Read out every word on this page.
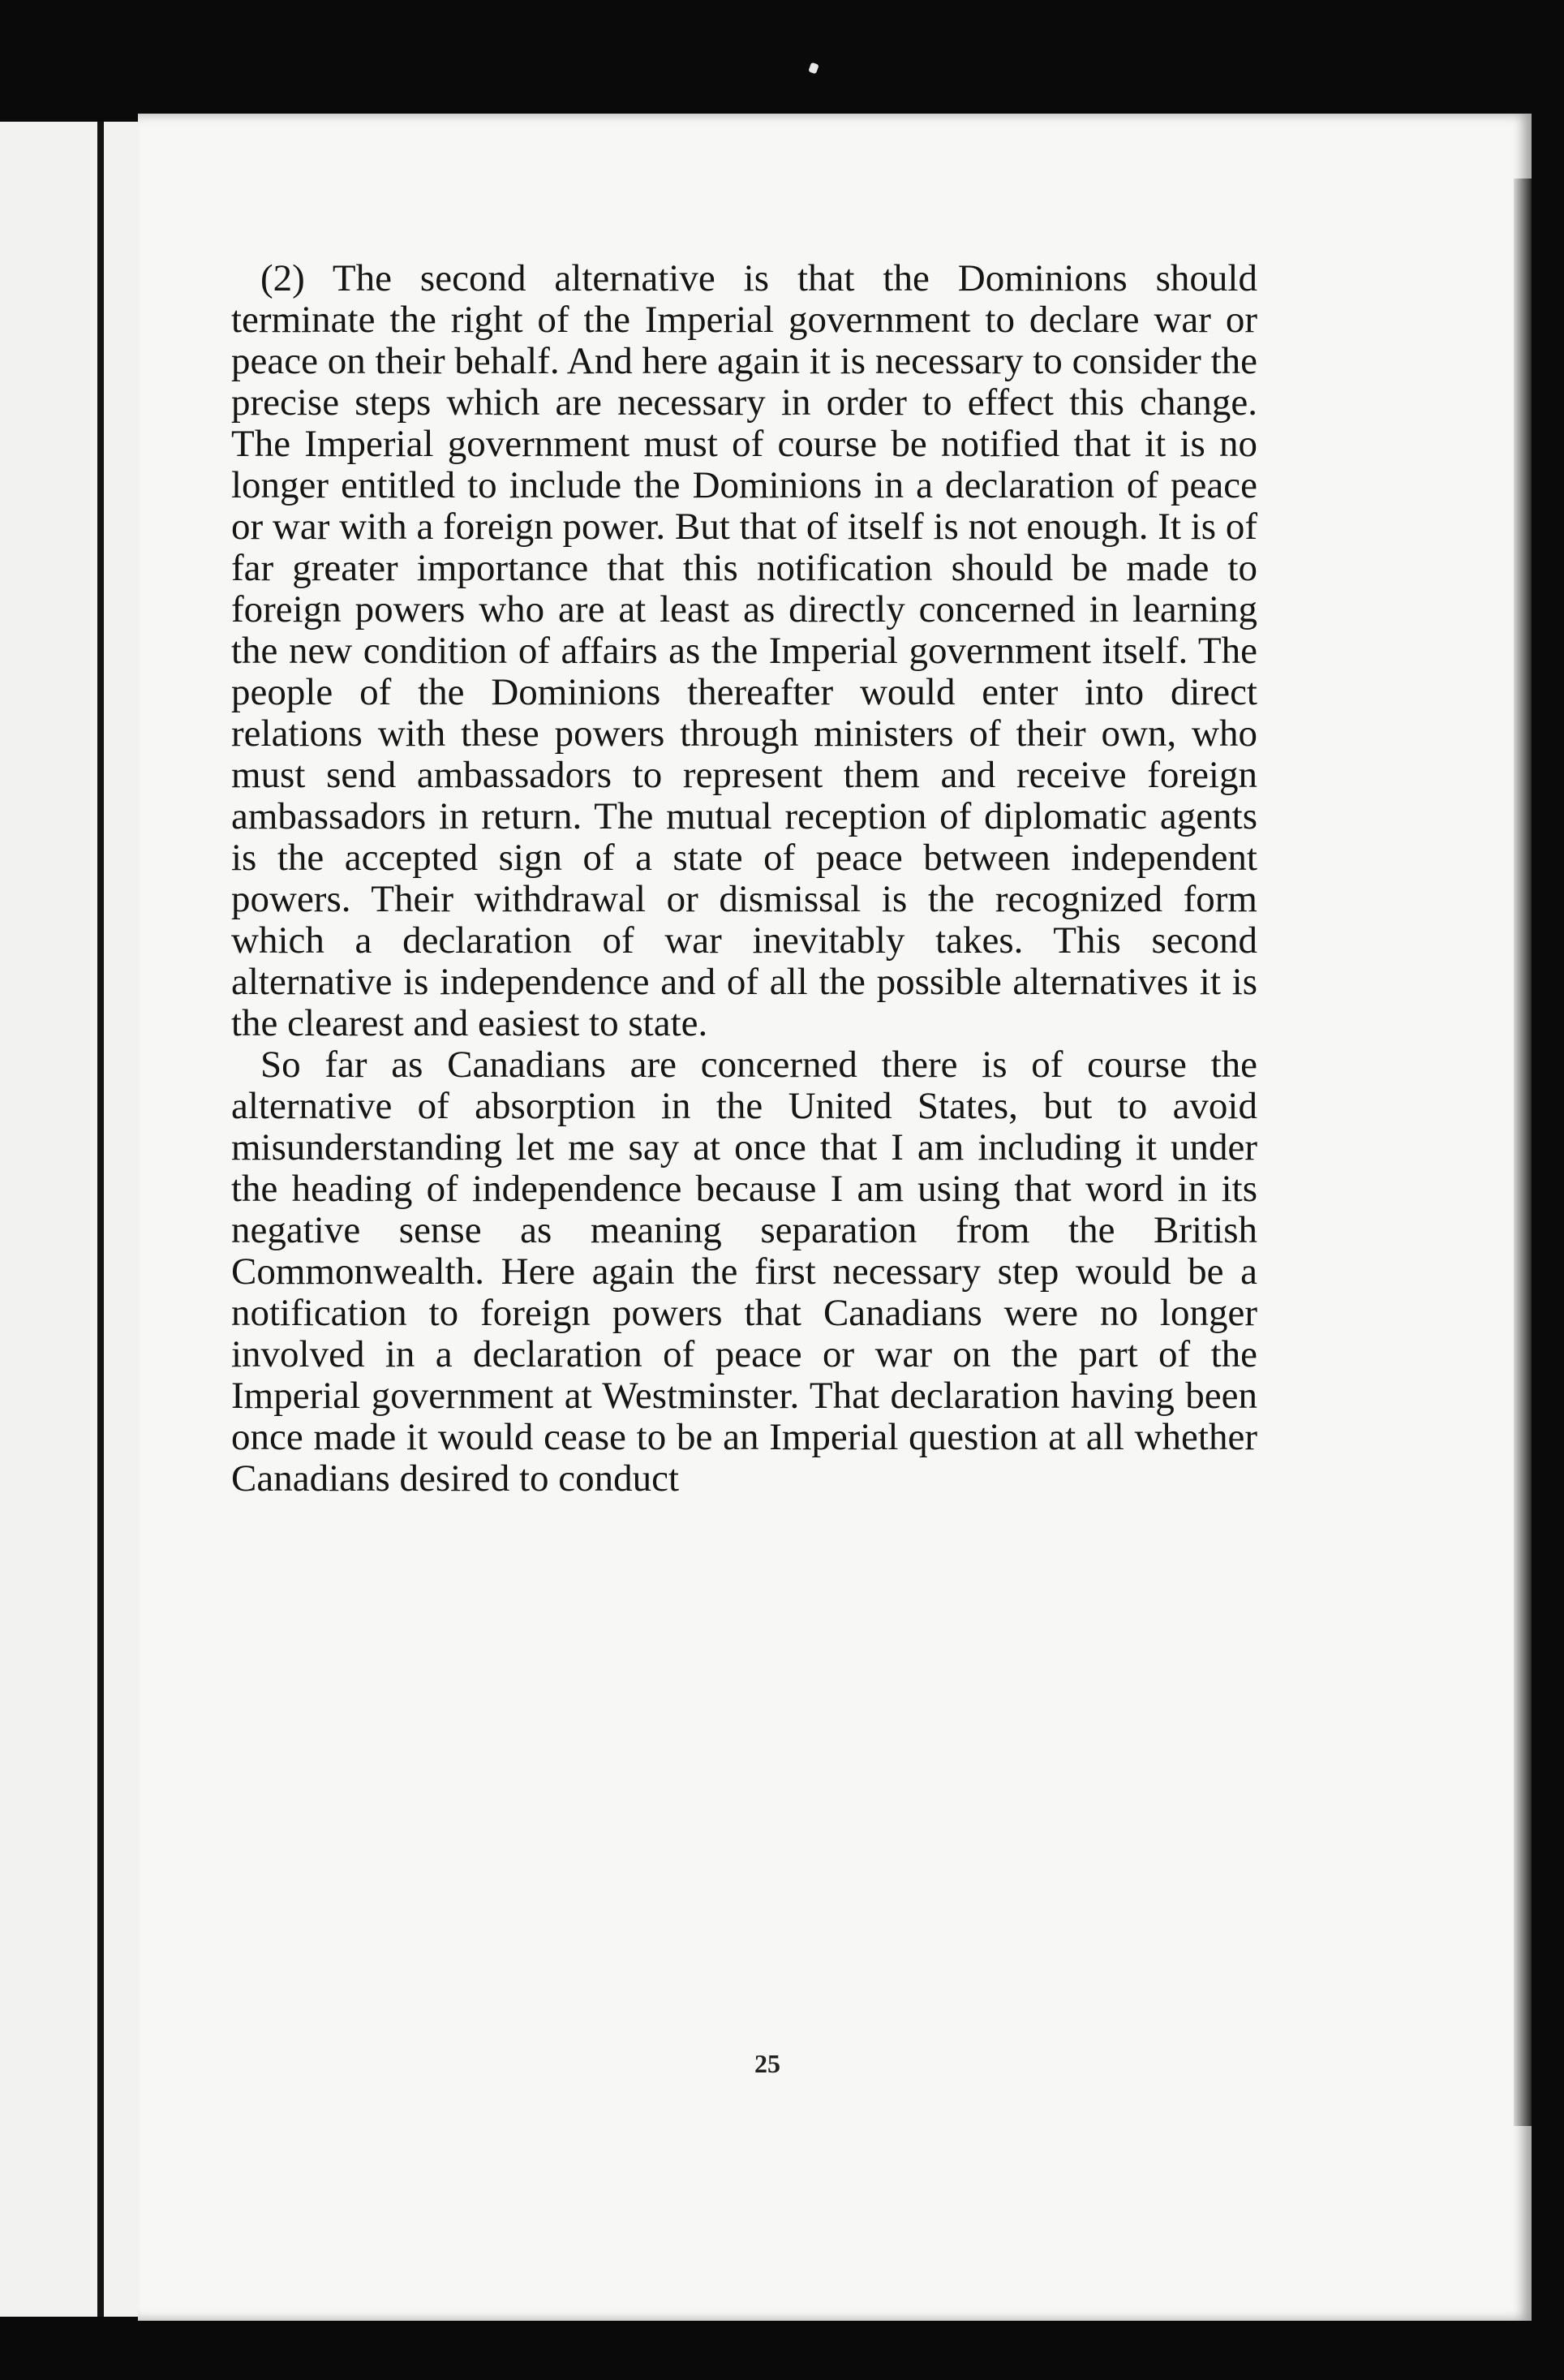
(2) The second alternative is that the Dominions should terminate the right of the Imperial government to declare war or peace on their behalf. And here again it is necessary to consider the precise steps which are necessary in order to effect this change. The Imperial government must of course be notified that it is no longer entitled to include the Dominions in a declaration of peace or war with a foreign power. But that of itself is not enough. It is of far greater importance that this notification should be made to foreign powers who are at least as directly concerned in learning the new condition of affairs as the Imperial government itself. The people of the Dominions thereafter would enter into direct relations with these powers through ministers of their own, who must send ambassadors to represent them and receive foreign ambassadors in return. The mutual reception of diplomatic agents is the accepted sign of a state of peace between independent powers. Their withdrawal or dismissal is the recognized form which a declaration of war inevitably takes. This second alternative is independence and of all the possible alternatives it is the clearest and easiest to state.

So far as Canadians are concerned there is of course the alternative of absorption in the United States, but to avoid misunderstanding let me say at once that I am including it under the heading of independence because I am using that word in its negative sense as meaning separation from the British Commonwealth. Here again the first necessary step would be a notification to foreign powers that Canadians were no longer involved in a declaration of peace or war on the part of the Imperial government at Westminster. That declaration having been once made it would cease to be an Imperial question at all whether Canadians desired to conduct

25
